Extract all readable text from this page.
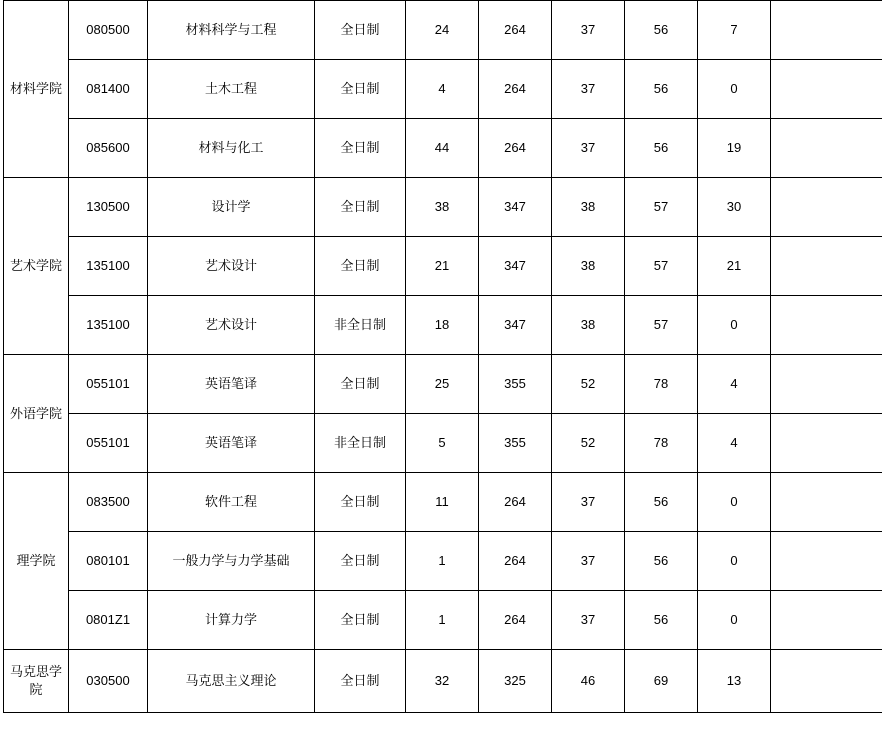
材料学院	080500	材料科学与工程	全日制	24	264	37	56	7	
	081400	土木工程	全日制	4	264	37	56	0	
	085600	材料与化工	全日制	44	264	37	56	19	
艺术学院	130500	设计学	全日制	38	347	38	57	30	
	135100	艺术设计	全日制	21	347	38	57	21	
	135100	艺术设计	非全日制	18	347	38	57	0	
外语学院	055101	英语笔译	全日制	25	355	52	78	4	
	055101	英语笔译	非全日制	5	355	52	78	4	
理学院	083500	软件工程	全日制	11	264	37	56	0	
	080101	一般力学与力学基础	全日制	1	264	37	56	0	
	0801Z1	计算力学	全日制	1	264	37	56	0	
马克思学院	030500	马克思主义理论	全日制	32	325	46	69	13	
